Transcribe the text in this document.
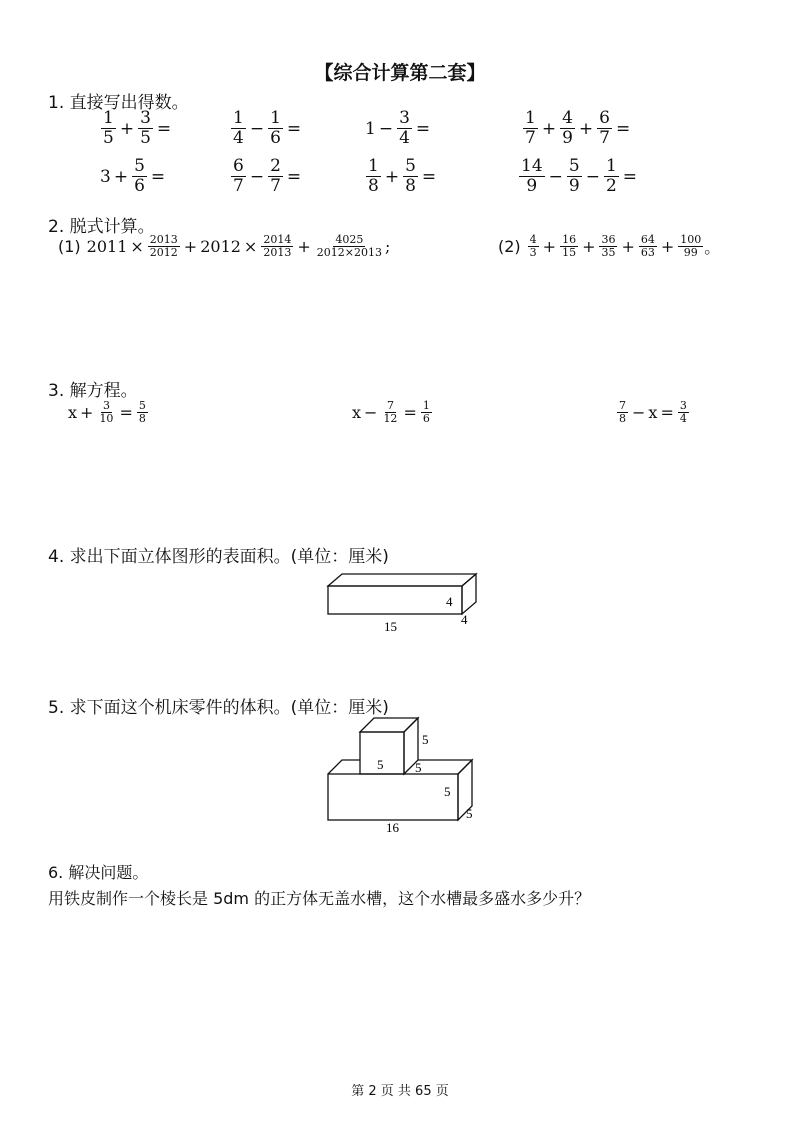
【综合计算第二套】
1. 直接写出得数。
$\frac{1}{5} + \frac{3}{5}$ =	$\frac{1}{4} - \frac{1}{6}$ =	$1 - \frac{3}{4}$ =	$\frac{1}{7} + \frac{4}{9} + \frac{6}{7}$ =
$3 + \frac{5}{6}$ =	$\frac{6}{7} - \frac{2}{7}$ =	$\frac{1}{8} + \frac{5}{8}$ =	$\frac{14}{9} - \frac{5}{9} - \frac{1}{2}$ =
2. 脱式计算。
(1) $2011 \times \frac{2013}{2012} + 2012 \times \frac{2014}{2013} + \frac{4025}{2012\times 2013}$ ;	$(2) \frac{4}{3} + \frac{16}{15} + \frac{36}{35} + \frac{64}{63} + \frac{100}{99}$ 。
3. 解方程。
$x + \frac{3}{10} = \frac{5}{8}$	$x - \frac{7}{12} = \frac{1}{6}$	$\frac{7}{8} - x = \frac{3}{4}$
4. 求出下面立体图形的表面积。(单位：厘米)
4
15	4
5. 求下面这个机床零件的体积。(单位：厘米)
5
5 5
5
16
5
6. 解决问题。
用铁皮制作一个棱长是 5dm 的正方体无盖水槽，这个水槽最多盛水多少升？
第 2 页 共 65 页
